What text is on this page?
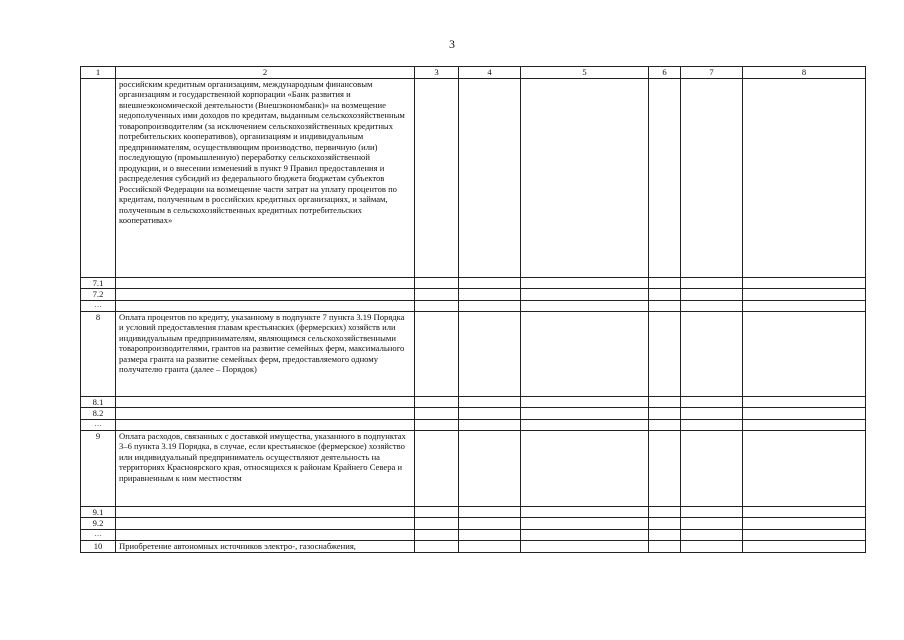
3
1	2	3	4	5	6	7	8
	российским кредитным организациям, международным финансовым организациям и государственной корпорации «Банк развития и внешнеэкономической деятельности (Внешэкономбанк)» на возмещение недополученных ими доходов по кредитам, выданным сельскохозяйственным товаропроизводителям (за исключением сельскохозяйственных кредитных потребительских кооперативов), организациям и индивидуальным предпринимателям, осуществляющим производство, первичную (или) последующую (промышленную) переработку сельскохозяйственной продукции, и о внесении изменений в пункт 9 Правил предоставления и распределения субсидий из федерального бюджета бюджетам субъектов Российской Федерации на возмещение части затрат на уплату процентов по кредитам, полученным в российских кредитных организациях, и займам, полученным в сельскохозяйственных кредитных потребительских кооперативах»						
7.1							
7.2							
…							
8	Оплата процентов по кредиту, указанному в подпункте 7 пункта 3.19 Порядка и условий предоставления главам крестьянских (фермерских) хозяйств или индивидуальным предпринимателям, являющимся сельскохозяйственными товаропроизводителями, грантов на развитие семейных ферм, максимального размера гранта на развитие семейных ферм, предоставляемого одному получателю гранта (далее – Порядок)						
8.1							
8.2							
…							
9	Оплата расходов, связанных с доставкой имущества, указанного в подпунктах 3–6 пункта 3.19 Порядка, в случае, если крестьянское (фермерское) хозяйство или индивидуальный предприниматель осуществляют деятельность на территориях Красноярского края, относящихся к районам Крайнего Севера и приравненным к ним местностям						
9.1							
9.2							
…							
10	Приобретение автономных источников электро-, газоснабжения,						
